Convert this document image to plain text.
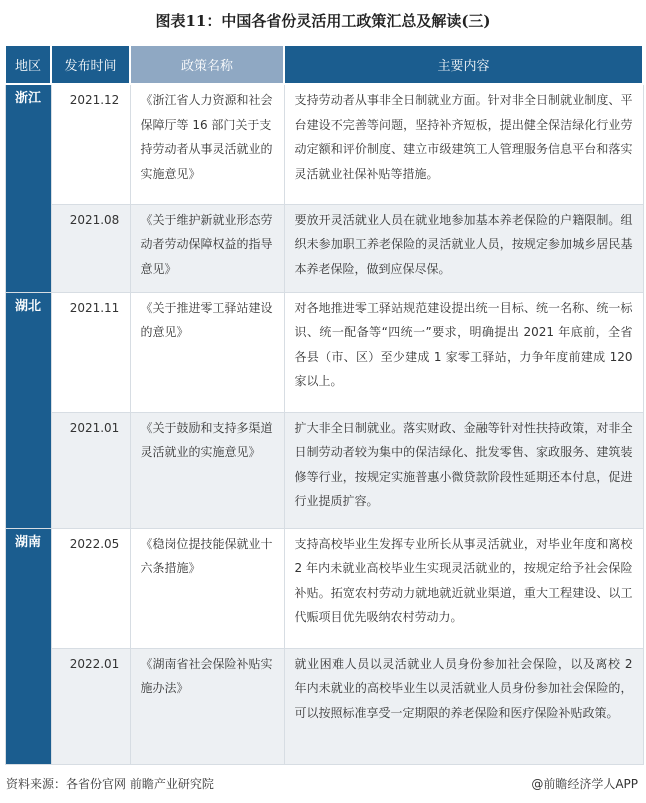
图表11：中国各省份灵活用工政策汇总及解读(三)
地区	发布时间	政策名称	主要内容
浙江	2021.12	《浙江省人力资源和社会保障厅等 16 部门关于支持劳动者从事灵活就业的实施意见》	支持劳动者从事非全日制就业方面。针对非全日制就业制度、平台建设不完善等问题，坚持补齐短板，提出健全保洁绿化行业劳动定额和评价制度、建立市级建筑工人管理服务信息平台和落实灵活就业社保补贴等措施。
	2021.08	《关于维护新就业形态劳动者劳动保障权益的指导意见》	要放开灵活就业人员在就业地参加基本养老保险的户籍限制。组织未参加职工养老保险的灵活就业人员，按规定参加城乡居民基本养老保险，做到应保尽保。
湖北	2021.11	《关于推进零工驿站建设的意见》	对各地推进零工驿站规范建设提出统一目标、统一名称、统一标识、统一配备等“四统一”要求，明确提出 2021 年底前，全省各县（市、区）至少建成 1 家零工驿站，力争年度前建成 120 家以上。
	2021.01	《关于鼓励和支持多渠道灵活就业的实施意见》	扩大非全日制就业。落实财政、金融等针对性扶持政策，对非全日制劳动者较为集中的保洁绿化、批发零售、家政服务、建筑装修等行业，按规定实施普惠小微贷款阶段性延期还本付息，促进行业提质扩容。
湖南	2022.05	《稳岗位提技能保就业十六条措施》	支持高校毕业生发挥专业所长从事灵活就业，对毕业年度和离校 2 年内未就业高校毕业生实现灵活就业的，按规定给予社会保险补贴。拓宽农村劳动力就地就近就业渠道，重大工程建设、以工代赈项目优先吸纳农村劳动力。
	2022.01	《湖南省社会保险补贴实施办法》	就业困难人员以灵活就业人员身份参加社会保险，以及离校 2 年内未就业的高校毕业生以灵活就业人员身份参加社会保险的，可以按照标准享受一定期限的养老保险和医疗保险补贴政策。
资料来源：各省份官网 前瞻产业研究院	@前瞻经济学人APP
